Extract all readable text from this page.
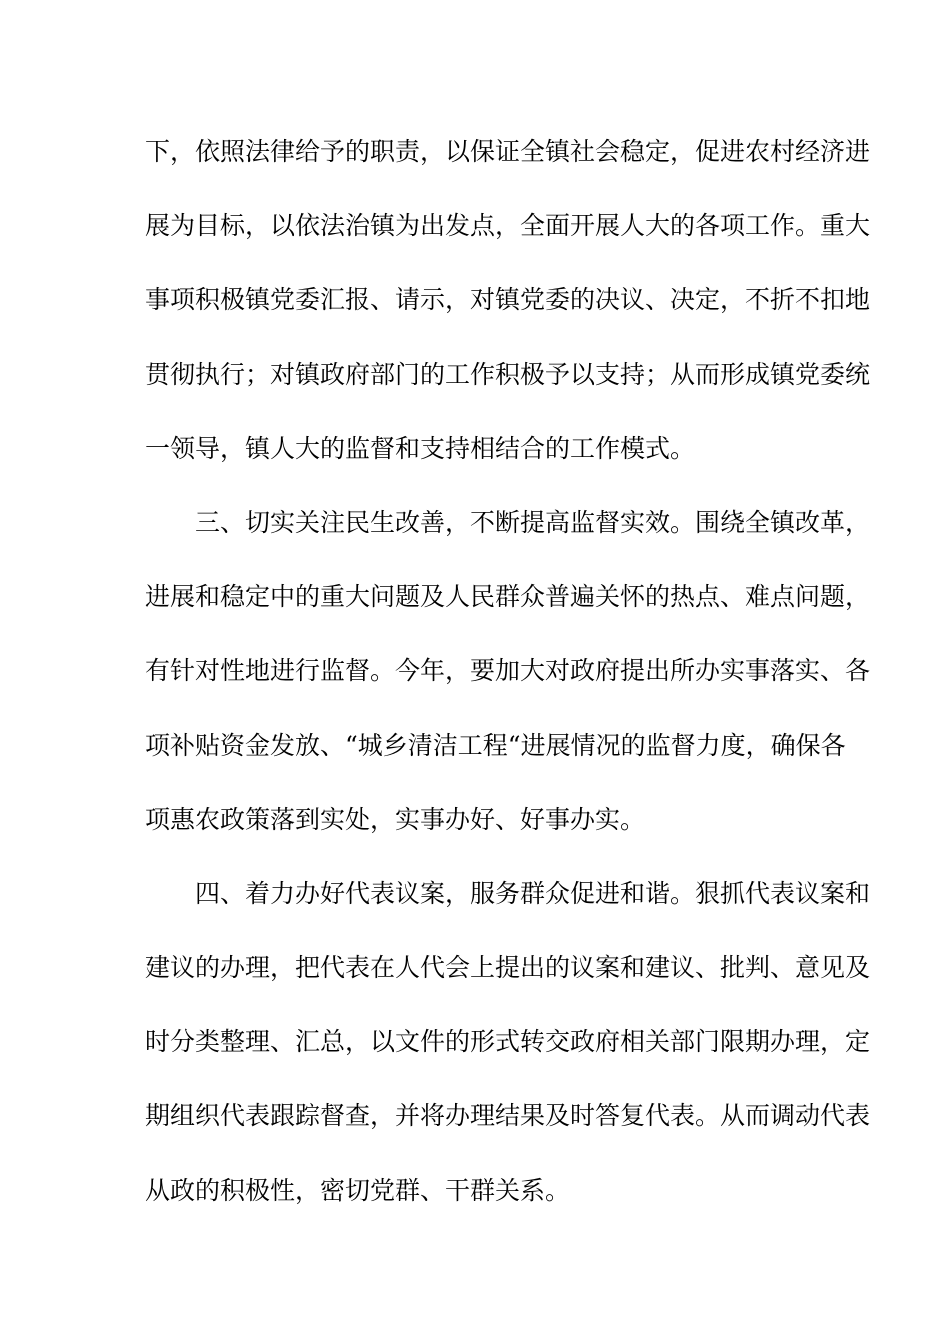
下，依照法律给予的职责，以保证全镇社会稳定，促进农村经济进
展为目标，以依法治镇为出发点，全面开展人大的各项工作。重大
事项积极镇党委汇报、请示，对镇党委的决议、决定，不折不扣地
贯彻执行；对镇政府部门的工作积极予以支持；从而形成镇党委统
一领导，镇人大的监督和支持相结合的工作模式。
三、切实关注民生改善，不断提高监督实效。围绕全镇改革，
进展和稳定中的重大问题及人民群众普遍关怀的热点、难点问题，
有针对性地进行监督。今年，要加大对政府提出所办实事落实、各
项补贴资金发放、“城乡清洁工程“进展情况的监督力度，确保各
项惠农政策落到实处，实事办好、好事办实。
四、着力办好代表议案，服务群众促进和谐。狠抓代表议案和
建议的办理，把代表在人代会上提出的议案和建议、批判、意见及
时分类整理、汇总，以文件的形式转交政府相关部门限期办理，定
期组织代表跟踪督查，并将办理结果及时答复代表。从而调动代表
从政的积极性，密切党群、干群关系。
